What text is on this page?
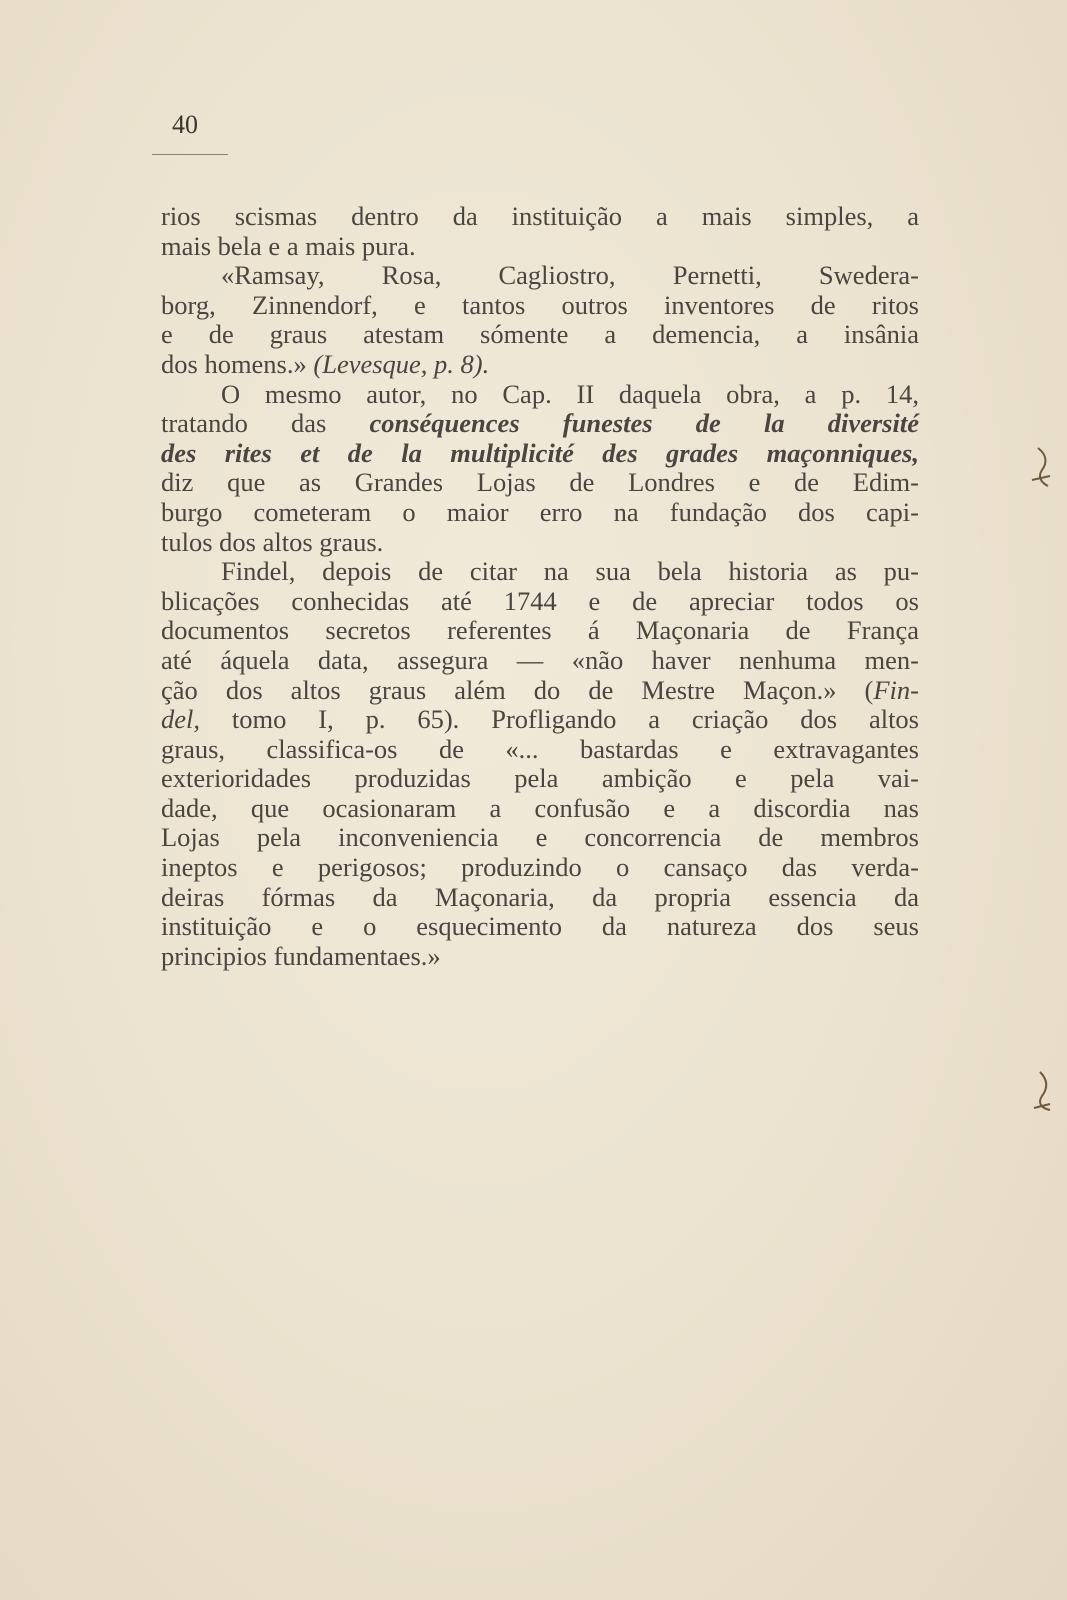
40
rios scismas dentro da instituição a mais simples, a
mais bela e a mais pura.
«Ramsay, Rosa, Cagliostro, Pernetti, Swedera-
borg, Zinnendorf, e tantos outros inventores de ritos
e de graus atestam sómente a demencia, a insânia
dos homens.» (Levesque, p. 8).
O mesmo autor, no Cap. II daquela obra, a p. 14,
tratando das conséquences funestes de la diversité
des rites et de la multiplicité des grades maçonniques,
diz que as Grandes Lojas de Londres e de Edim-
burgo cometeram o maior erro na fundação dos capi-
tulos dos altos graus.
Findel, depois de citar na sua bela historia as pu-
blicações conhecidas até 1744 e de apreciar todos os
documentos secretos referentes á Maçonaria de França
até áquela data, assegura — «não haver nenhuma men-
ção dos altos graus além do de Mestre Maçon.» (Fin-
del, tomo I, p. 65). Profligando a criação dos altos
graus, classifica-os de «... bastardas e extravagantes
exterioridades produzidas pela ambição e pela vai-
dade, que ocasionaram a confusão e a discordia nas
Lojas pela inconveniencia e concorrencia de membros
ineptos e perigosos; produzindo o cansaço das verda-
deiras fórmas da Maçonaria, da propria essencia da
instituição e o esquecimento da natureza dos seus
principios fundamentaes.»
